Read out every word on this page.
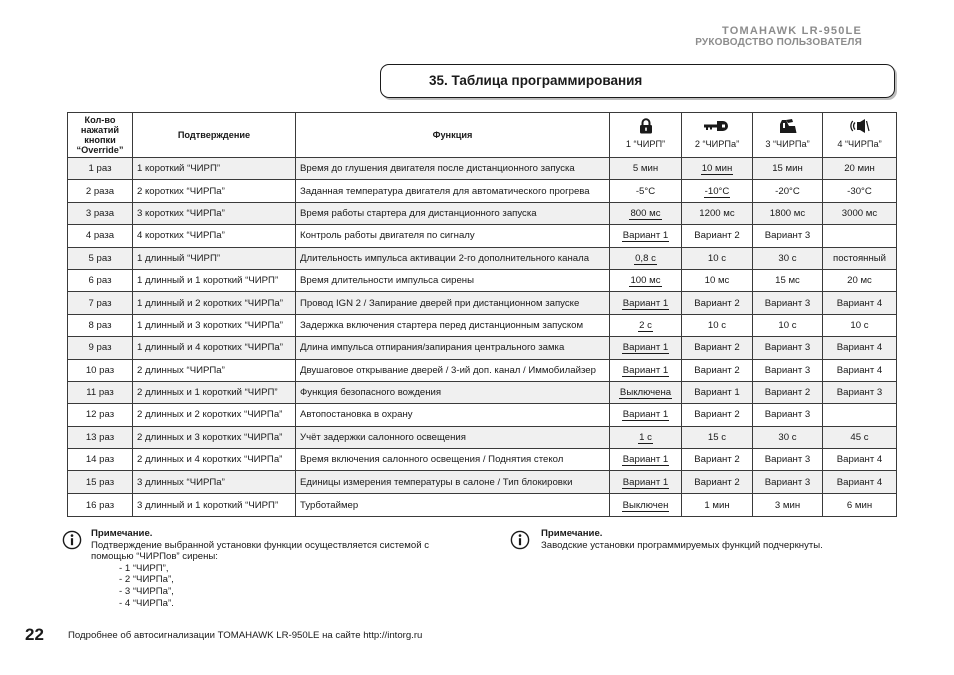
TOMAHAWK LR-950LE
РУКОВОДСТВО ПОЛЬЗОВАТЕЛЯ
35. Таблица программирования
Кол-во
нажатий
кнопки
“Override”	Подтверждение	Функция	1 “ЧИРП”	2 “ЧИРПа”	3 “ЧИРПа”	4 “ЧИРПа”

1 раз	1 короткий “ЧИРП”	Время до глушения двигателя после дистанционного запуска	5 мин	10 мин	15 мин	20 мин
2 раза	2 коротких “ЧИРПа”	Заданная температура двигателя для автоматического прогрева	-5°C	-10°C	-20°C	-30°C
3 раза	3 коротких “ЧИРПа”	Время работы стартера для дистанционного запуска	800 мс	1200 мс	1800 мс	3000 мс
4 раза	4 коротких “ЧИРПа”	Контроль работы двигателя по сигналу	Вариант 1	Вариант 2	Вариант 3	
5 раз	1 длинный “ЧИРП”	Длительность импульса активации 2-го дополнительного канала	0,8 с	10 с	30 с	постоянный
6 раз	1 длинный и 1 короткий “ЧИРП”	Время длительности импульса сирены	100 мс	10 мс	15 мс	20 мс
7 раз	1 длинный и 2 коротких “ЧИРПа”	Провод IGN 2 / Запирание дверей при дистанционном запуске	Вариант 1	Вариант 2	Вариант 3	Вариант 4
8 раз	1 длинный и 3 коротких “ЧИРПа”	Задержка включения стартера перед дистанционным запуском	2 с	10 с	10 с	10 с
9 раз	1 длинный и 4 коротких “ЧИРПа”	Длина импульса отпирания/запирания центрального замка	Вариант 1	Вариант 2	Вариант 3	Вариант 4
10 раз	2 длинных “ЧИРПа”	Двушаговое открывание дверей / 3-ий доп. канал / Иммобилайзер	Вариант 1	Вариант 2	Вариант 3	Вариант 4
11 раз	2 длинных и 1 короткий “ЧИРП”	Функция безопасного вождения	Выключена	Вариант 1	Вариант 2	Вариант 3
12 раз	2 длинных и 2 коротких “ЧИРПа”	Автопостановка в охрану	Вариант 1	Вариант 2	Вариант 3	
13 раз	2 длинных и 3 коротких “ЧИРПа”	Учёт задержки салонного освещения	1 с	15 с	30 с	45 с
14 раз	2 длинных и 4 коротких “ЧИРПа”	Время включения салонного освещения / Поднятия стекол	Вариант 1	Вариант 2	Вариант 3	Вариант 4
15 раз	3 длинных “ЧИРПа”	Единицы измерения температуры в салоне / Тип блокировки	Вариант 1	Вариант 2	Вариант 3	Вариант 4
16 раз	3 длинный и 1 короткий “ЧИРП”	Турботаймер	Выключен	1 мин	3 мин	6 мин
Примечание.
Подтверждение выбранной установки функции осуществляется системой с
помощью “ЧИРПов” сирены:
- 1 “ЧИРП”,
- 2 “ЧИРПа”,
- 3 “ЧИРПа”,
- 4 “ЧИРПа”.
Примечание.
Заводские установки программируемых функций подчеркнуты.
22	Подробнее об автосигнализации TOMAHAWK LR-950LE на сайте http://intorg.ru
